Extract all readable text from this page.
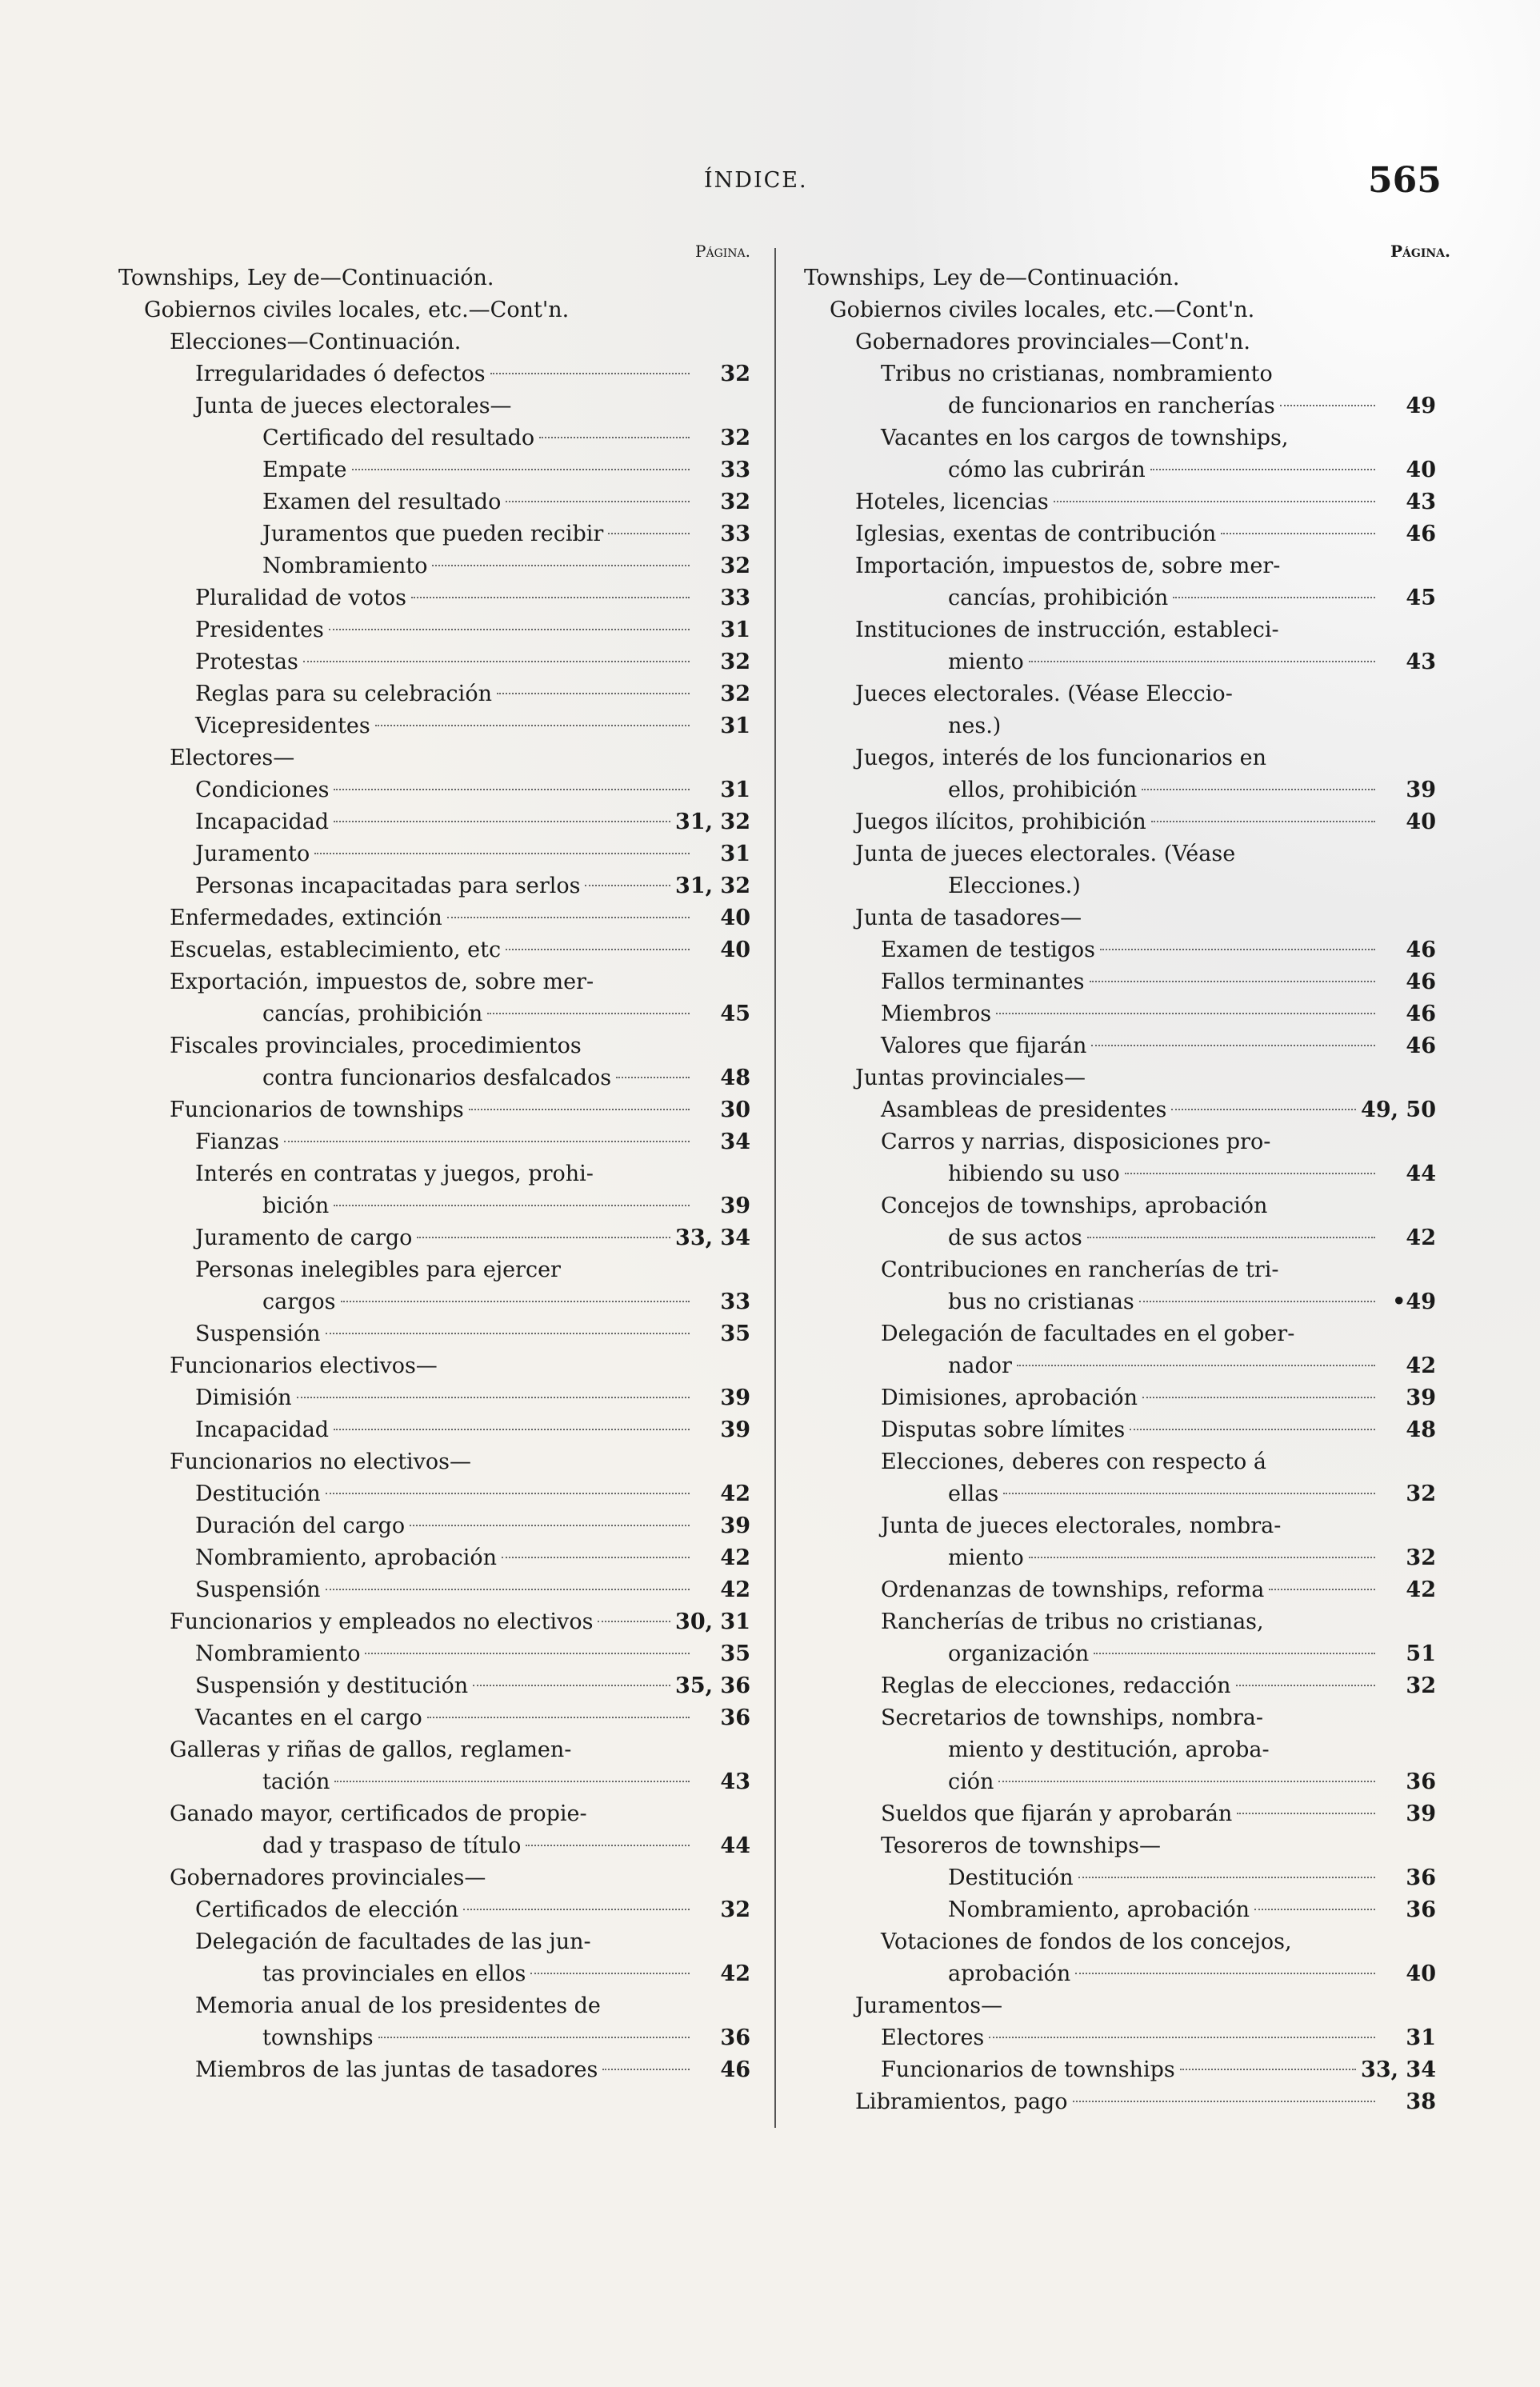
ÍNDICE.	565
Página.
Townships, Ley de—Continuación.
Gobiernos civiles locales, etc.—Cont'n.
Elecciones—Continuación.
Irregularidades ó defectos	32
Junta de jueces electorales—
Certificado del resultado	32
Empate	33
Examen del resultado	32
Juramentos que pueden recibir	33
Nombramiento	32
Pluralidad de votos	33
Presidentes	31
Protestas	32
Reglas para su celebración	32
Vicepresidentes	31
Electores—
Condiciones	31
Incapacidad	31, 32
Juramento	31
Personas incapacitadas para serlos	31, 32
Enfermedades, extinción	40
Escuelas, establecimiento, etc	40
Exportación, impuestos de, sobre mer-
cancías, prohibición	45
Fiscales provinciales, procedimientos
contra funcionarios desfalcados	48
Funcionarios de townships	30
Fianzas	34
Interés en contratas y juegos, prohi-
bición	39
Juramento de cargo	33, 34
Personas inelegibles para ejercer
cargos	33
Suspensión	35
Funcionarios electivos—
Dimisión	39
Incapacidad	39
Funcionarios no electivos—
Destitución	42
Duración del cargo	39
Nombramiento, aprobación	42
Suspensión	42
Funcionarios y empleados no electivos	30, 31
Nombramiento	35
Suspensión y destitución	35, 36
Vacantes en el cargo	36
Galleras y riñas de gallos, reglamen-
tación	43
Ganado mayor, certificados de propie-
dad y traspaso de título	44
Gobernadores provinciales—
Certificados de elección	32
Delegación de facultades de las jun-
tas provinciales en ellos	42
Memoria anual de los presidentes de
townships	36
Miembros de las juntas de tasadores	46
Página.
Townships, Ley de—Continuación.
Gobiernos civiles locales, etc.—Cont'n.
Gobernadores provinciales—Cont'n.
Tribus no cristianas, nombramiento
de funcionarios en rancherías	49
Vacantes en los cargos de townships,
cómo las cubrirán	40
Hoteles, licencias	43
Iglesias, exentas de contribución	46
Importación, impuestos de, sobre mer-
cancías, prohibición	45
Instituciones de instrucción, estableci-
miento	43
Jueces electorales. (Véase Eleccio-
nes.)
Juegos, interés de los funcionarios en
ellos, prohibición	39
Juegos ilícitos, prohibición	40
Junta de jueces electorales. (Véase
Elecciones.)
Junta de tasadores—
Examen de testigos	46
Fallos terminantes	46
Miembros	46
Valores que fijarán	46
Juntas provinciales—
Asambleas de presidentes	49, 50
Carros y narrias, disposiciones pro-
hibiendo su uso	44
Concejos de townships, aprobación
de sus actos	42
Contribuciones en rancherías de tri-
bus no cristianas	•49
Delegación de facultades en el gober-
nador	42
Dimisiones, aprobación	39
Disputas sobre límites	48
Elecciones, deberes con respecto á
ellas	32
Junta de jueces electorales, nombra-
miento	32
Ordenanzas de townships, reforma	42
Rancherías de tribus no cristianas,
organización	51
Reglas de elecciones, redacción	32
Secretarios de townships, nombra-
miento y destitución, aproba-
ción	36
Sueldos que fijarán y aprobarán	39
Tesoreros de townships—
Destitución	36
Nombramiento, aprobación	36
Votaciones de fondos de los concejos,
aprobación	40
Juramentos—
Electores	31
Funcionarios de townships	33, 34
Libramientos, pago	38
